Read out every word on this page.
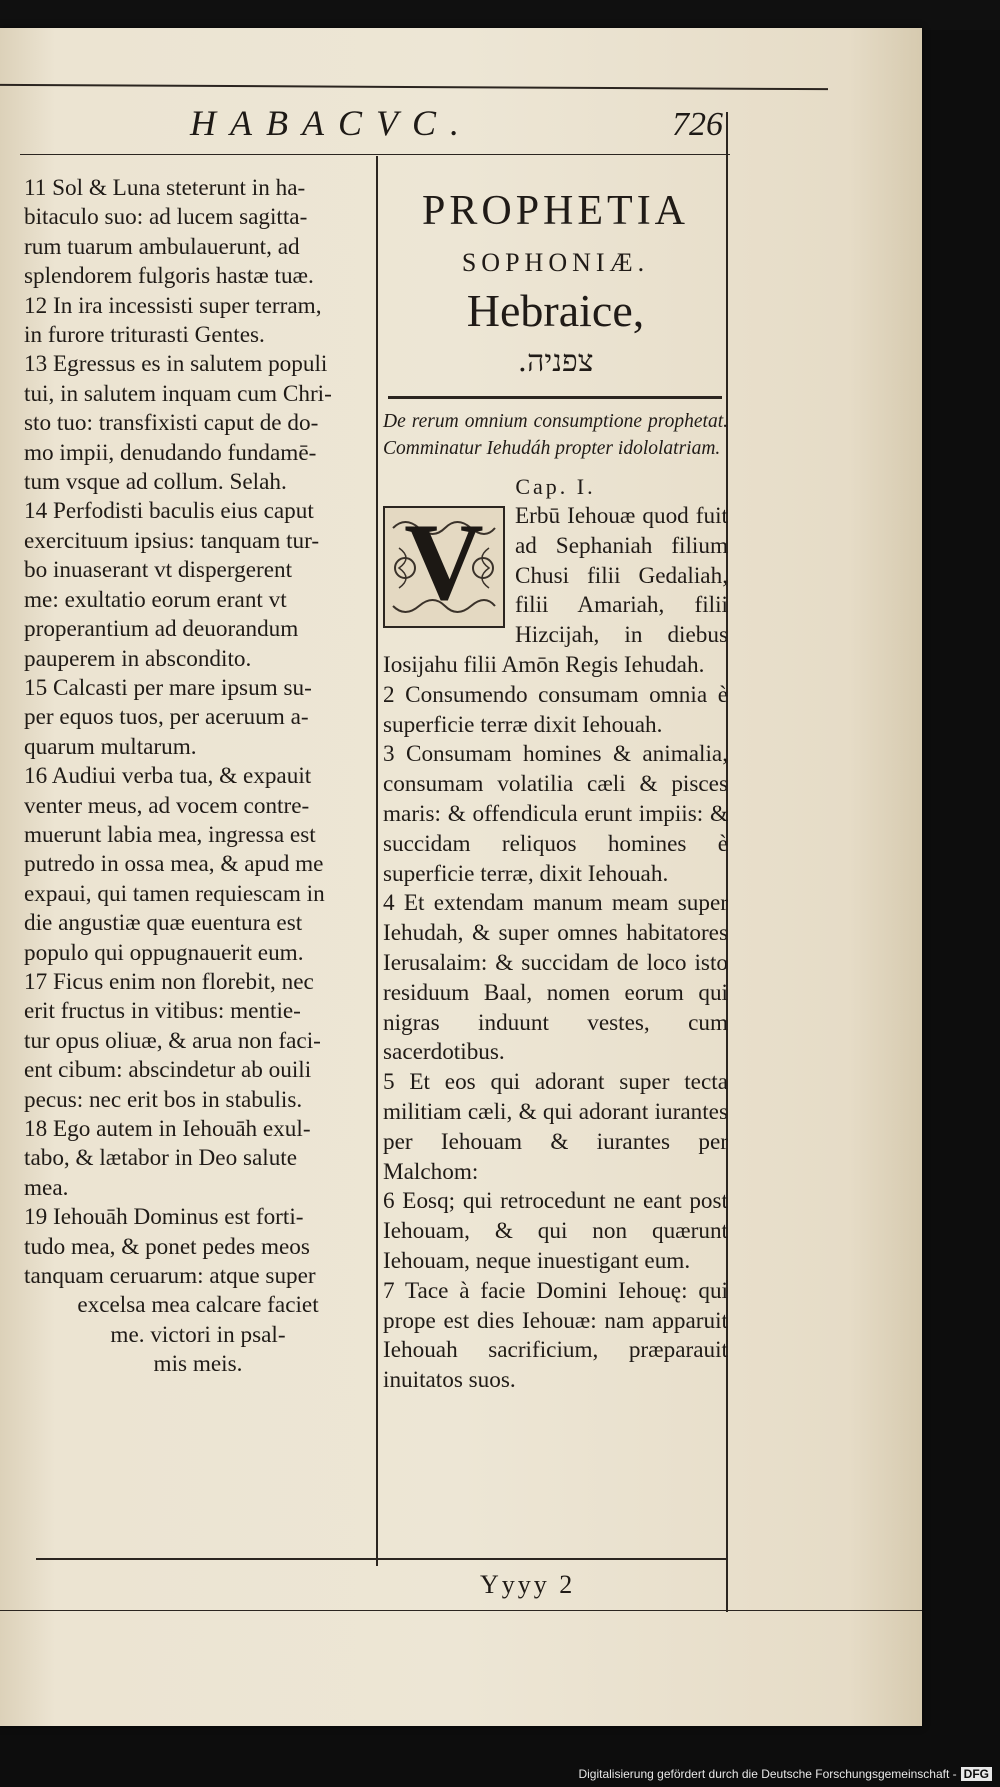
HABACVC.	726

11 Sol & Luna steterunt in ha-

bitaculo suo: ad lucem sagitta-

rum tuarum ambulauerunt, ad

splendorem fulgoris hastæ tuæ.

12 In ira incessisti super terram,

in furore triturasti Gentes.

13 Egressus es in salutem populi

tui, in salutem inquam cum Chri-

sto tuo: transfixisti caput de do-

mo impii, denudando fundamē-

tum vsque ad collum. Selah.

14 Perfodisti baculis eius caput

exercituum ipsius: tanquam tur-

bo inuaserant vt dispergerent

me: exultatio eorum erant vt

properantium ad deuorandum

pauperem in abscondito.

15 Calcasti per mare ipsum su-

per equos tuos, per aceruum a-

quarum multarum.

16 Audiui verba tua, & expauit

venter meus, ad vocem contre-

muerunt labia mea, ingressa est

putredo in ossa mea, & apud me

expaui, qui tamen requiescam in

die angustiæ quæ euentura est

populo qui oppugnauerit eum.

17 Ficus enim non florebit, nec

erit fructus in vitibus: mentie-

tur opus oliuæ, & arua non faci-

ent cibum: abscindetur ab ouili

pecus: nec erit bos in stabulis.

18 Ego autem in Iehouāh exul-

tabo, & lætabor in Deo salute

mea.

19 Iehouāh Dominus est forti-

tudo mea, & ponet pedes meos

tanquam ceruarum: atque super

excelsa mea calcare faciet

me. victori in psal-

mis meis.

PROPHETIA

SOPHONIÆ.

Hebraice,

צפניה.

De rerum omnium consumptione prophetat. Comminatur Iehudáh propter idololatriam.

Cap. I.

V	Erbū Iehouæ quod fuit ad Sephaniah filium Chusi filii Gedaliah, filii Amariah, filii Hizcijah, in diebus Iosijahu filii Amōn Regis Iehudah.

2 Consumendo consumam omnia è superficie terræ dixit Iehouah.

3 Consumam homines & animalia, consumam volatilia cæli & pisces maris: & offendicula erunt impiis: & succidam reliquos homines è superficie terræ, dixit Iehouah.

4 Et extendam manum meam super Iehudah, & super omnes habitatores Ierusalaim: & succidam de loco isto residuum Baal, nomen eorum qui nigras induunt vestes, cum sacerdotibus.

5 Et eos qui adorant super tecta militiam cæli, & qui adorant iurantes per Iehouam & iurantes per Malchom:

6 Eosq; qui retrocedunt ne eant post Iehouam, & qui non quærunt Iehouam, neque inuestigant eum.

7 Tace à facie Domini Iehouę: qui prope est dies Iehouæ: nam apparuit Iehouah sacrificium, præparauit inuitatos suos.

Yyyy 2
Digitalisierung gefördert durch die Deutsche Forschungsgemeinschaft - DFG
